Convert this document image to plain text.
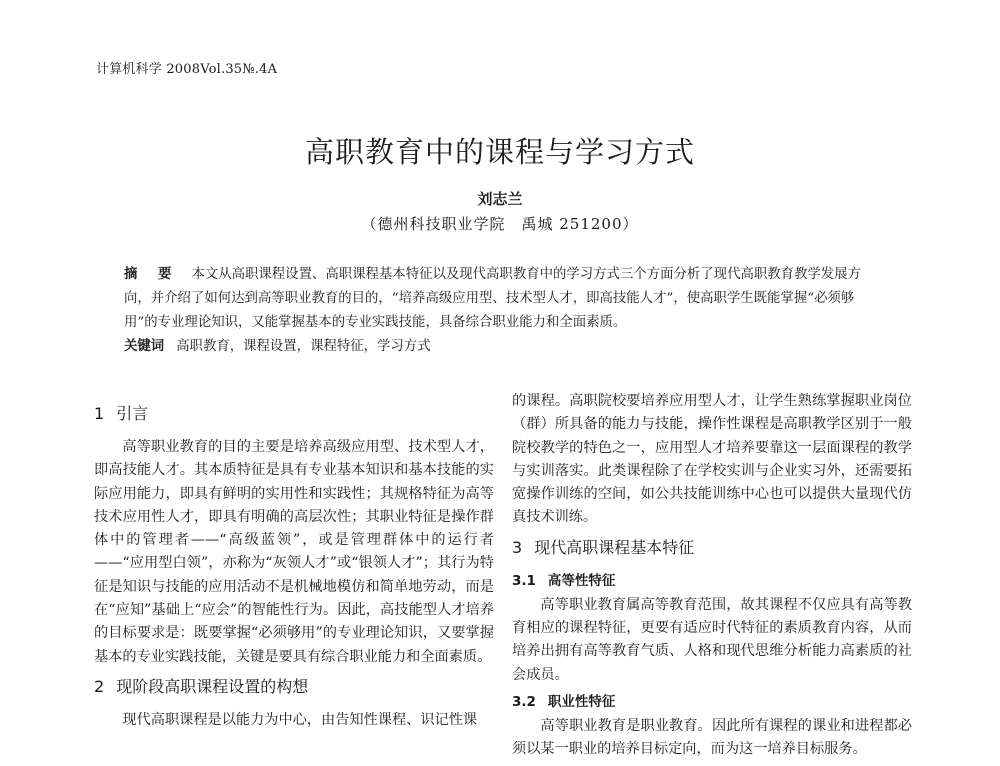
计算机科学 2008Vol.35№.4A
高职教育中的课程与学习方式
刘志兰
（德州科技职业学院　禹城 251200）
摘 要 本文从高职课程设置、高职课程基本特征以及现代高职教育中的学习方式三个方面分析了现代高职教育教学发展方向，并介绍了如何达到高等职业教育的目的，“培养高级应用型、技术型人才，即高技能人才”，使高职学生既能掌握“必须够用”的专业理论知识，又能掌握基本的专业实践技能，具备综合职业能力和全面素质。
关键词 高职教育，课程设置，课程特征，学习方式
1 引言

高等职业教育的目的主要是培养高级应用型、技术型人才，即高技能人才。其本质特征是具有专业基本知识和基本技能的实际应用能力，即具有鲜明的实用性和实践性；其规格特征为高等技术应用性人才，即具有明确的高层次性；其职业特征是操作群体中的管理者——“高级蓝领”，或是管理群体中的运行者——“应用型白领”，亦称为“灰领人才”或“银领人才”；其行为特征是知识与技能的应用活动不是机械地模仿和简单地劳动，而是在“应知”基础上“应会”的智能性行为。因此，高技能型人才培养的目标要求是：既要掌握“必须够用”的专业理论知识，又要掌握基本的专业实践技能，关键是要具有综合职业能力和全面素质。

2 现阶段高职课程设置的构想

现代高职课程是以能力为中心，由告知性课程、识记性课

的课程。高职院校要培养应用型人才，让学生熟练掌握职业岗位（群）所具备的能力与技能，操作性课程是高职教学区别于一般院校教学的特色之一，应用型人才培养要靠这一层面课程的教学与实训落实。此类课程除了在学校实训与企业实习外，还需要拓宽操作训练的空间，如公共技能训练中心也可以提供大量现代仿真技术训练。

3 现代高职课程基本特征
3.1 高等性特征

高等职业教育属高等教育范围，故其课程不仅应具有高等教育相应的课程特征，更要有适应时代特征的素质教育内容，从而培养出拥有高等教育气质、人格和现代思维分析能力高素质的社会成员。

3.2 职业性特征

高等职业教育是职业教育。因此所有课程的课业和进程都必须以某一职业的培养目标定向，而为这一培养目标服务。
